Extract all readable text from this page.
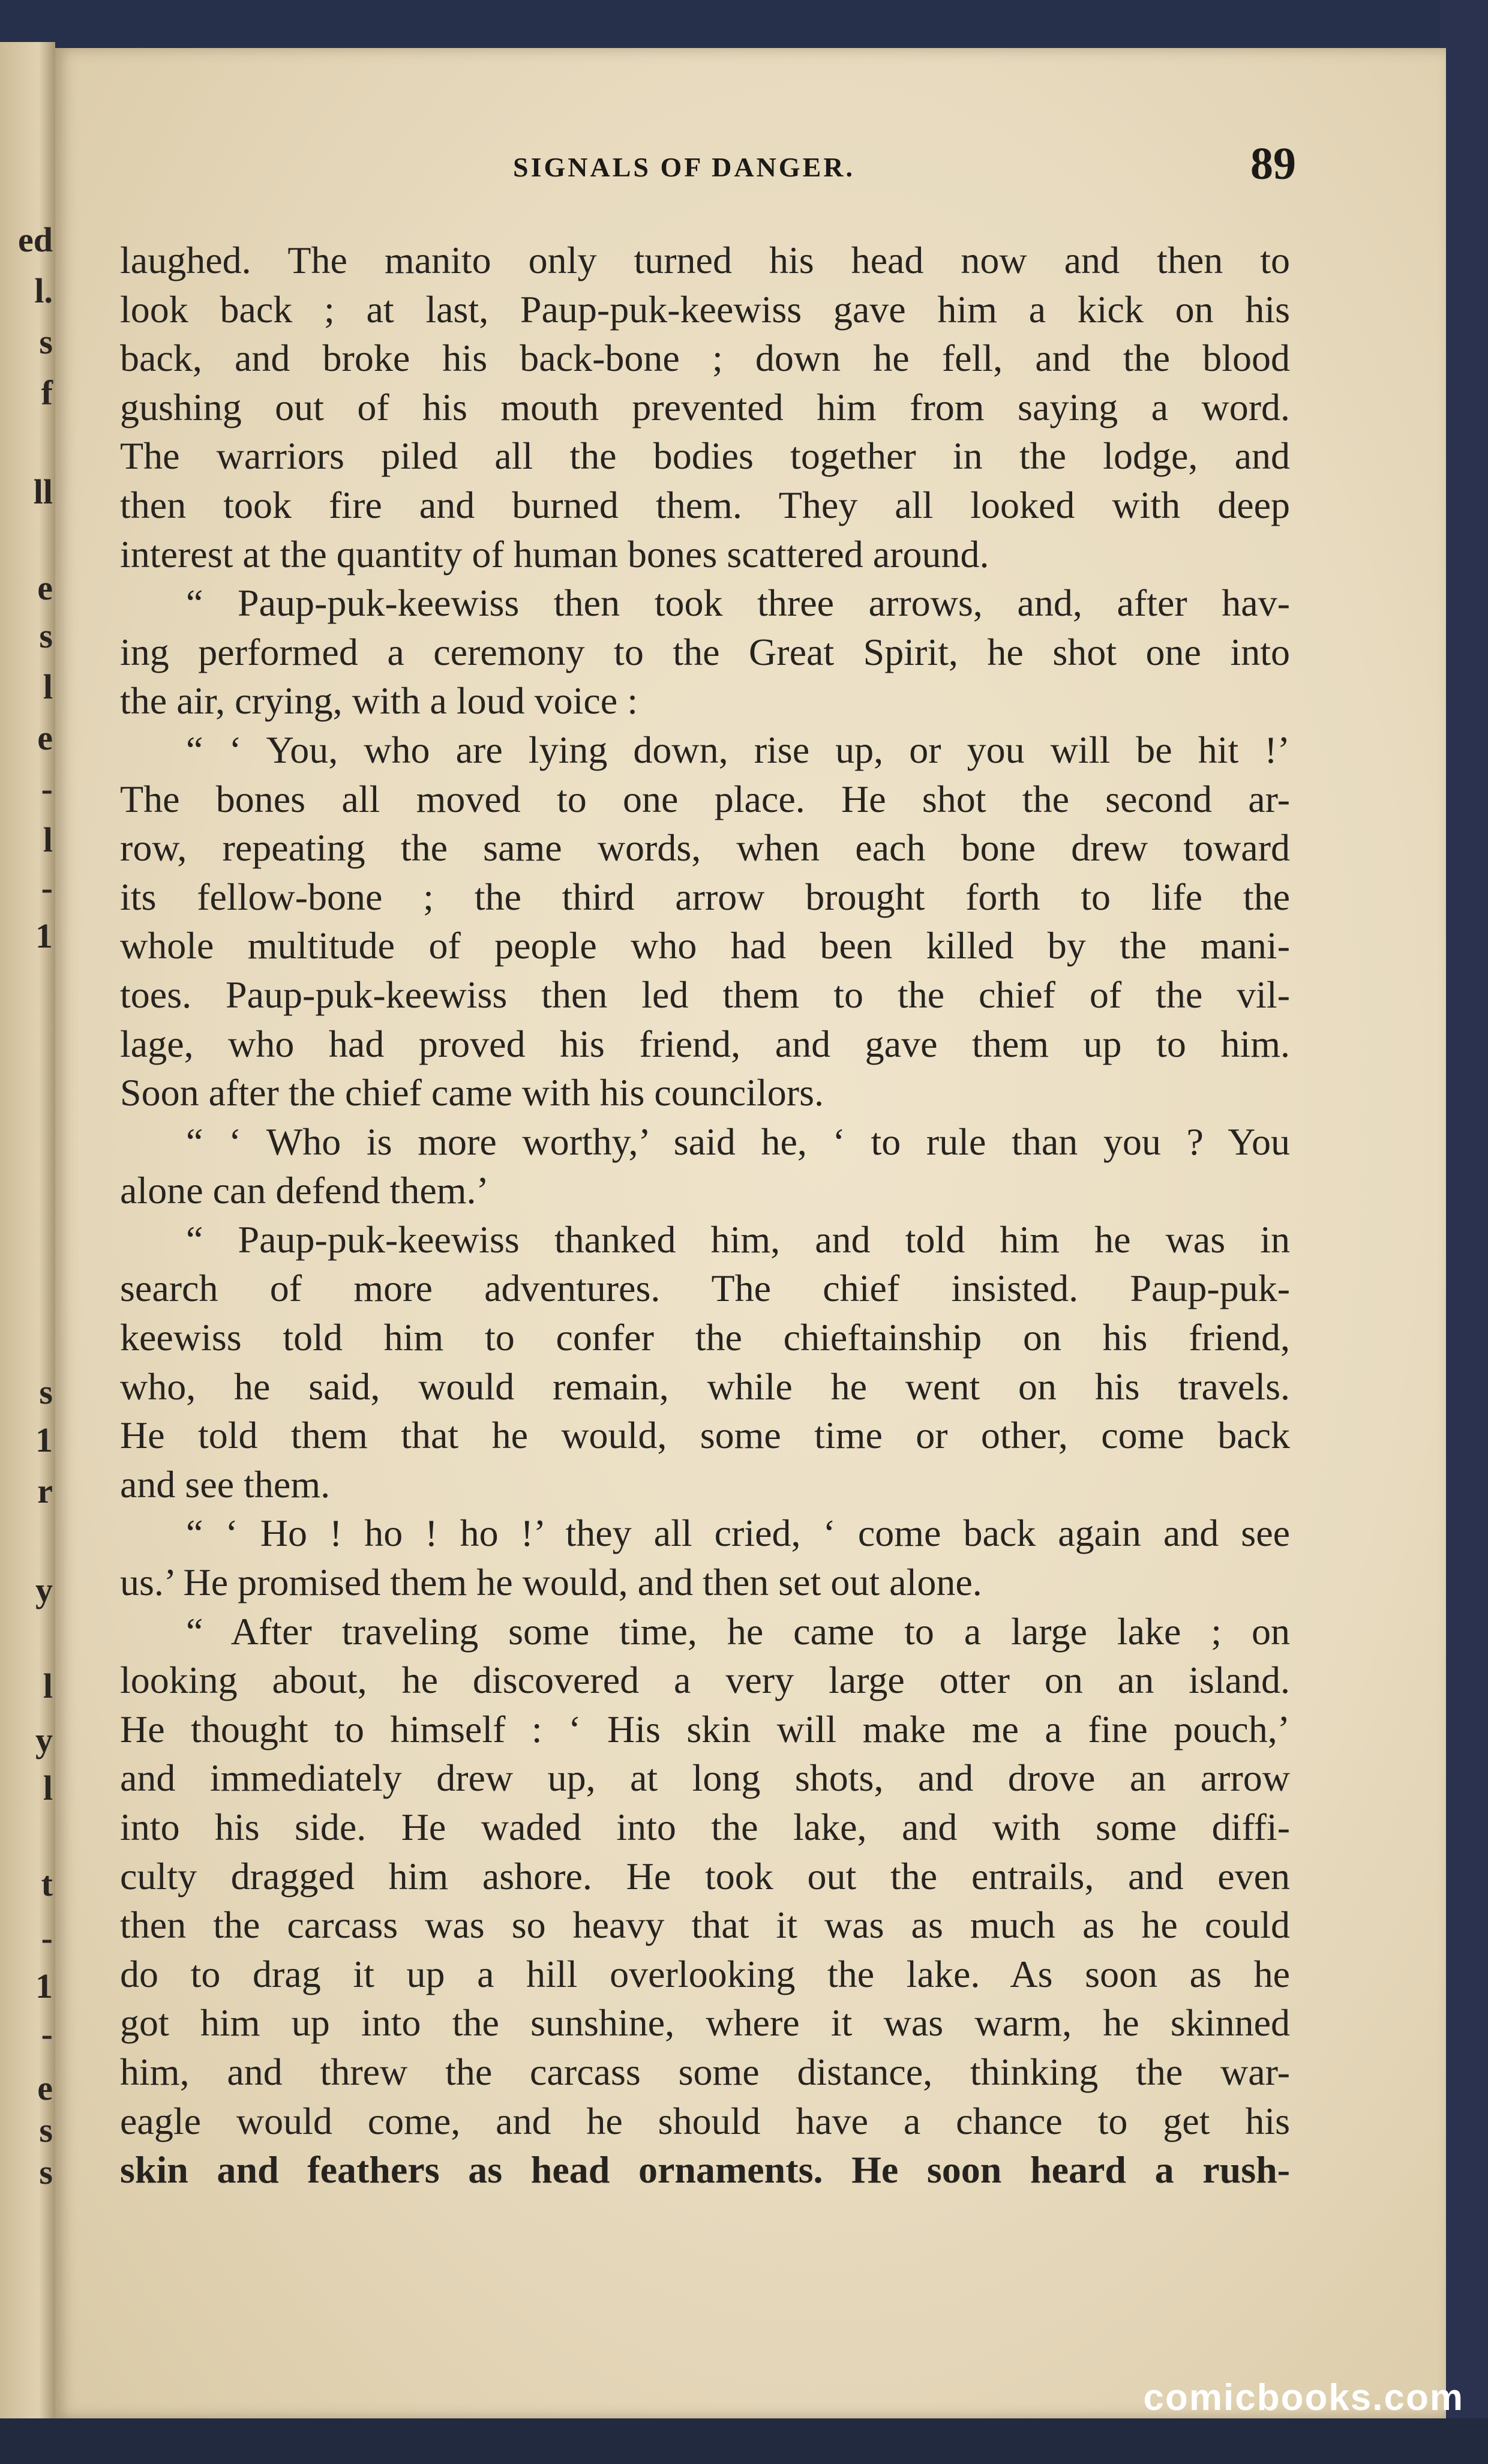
ed
l.
s
f
ll
e
s
l
e
-
l
-
1
s
1
r
y
l
y
l
t
-
1
-
e
s
s
SIGNALS OF DANGER.	89
laughed. The manito only turned his head now and then to
look back ; at last, Paup-puk-keewiss gave him a kick on his
back, and broke his back-bone ; down he fell, and the blood
gushing out of his mouth prevented him from saying a word.
The warriors piled all the bodies together in the lodge, and
then took fire and burned them. They all looked with deep
interest at the quantity of human bones scattered around.
“ Paup-puk-keewiss then took three arrows, and, after hav-
ing performed a ceremony to the Great Spirit, he shot one into
the air, crying, with a loud voice :
“ ‘ You, who are lying down, rise up, or you will be hit !’
The bones all moved to one place. He shot the second ar-
row, repeating the same words, when each bone drew toward
its fellow-bone ; the third arrow brought forth to life the
whole multitude of people who had been killed by the mani-
toes. Paup-puk-keewiss then led them to the chief of the vil-
lage, who had proved his friend, and gave them up to him.
Soon after the chief came with his councilors.
“ ‘ Who is more worthy,’ said he, ‘ to rule than you ? You
alone can defend them.’
“ Paup-puk-keewiss thanked him, and told him he was in
search of more adventures. The chief insisted. Paup-puk-
keewiss told him to confer the chieftainship on his friend,
who, he said, would remain, while he went on his travels.
He told them that he would, some time or other, come back
and see them.
“ ‘ Ho ! ho ! ho !’ they all cried, ‘ come back again and see
us.’ He promised them he would, and then set out alone.
“ After traveling some time, he came to a large lake ; on
looking about, he discovered a very large otter on an island.
He thought to himself : ‘ His skin will make me a fine pouch,’
and immediately drew up, at long shots, and drove an arrow
into his side. He waded into the lake, and with some diffi-
culty dragged him ashore. He took out the entrails, and even
then the carcass was so heavy that it was as much as he could
do to drag it up a hill overlooking the lake. As soon as he
got him up into the sunshine, where it was warm, he skinned
him, and threw the carcass some distance, thinking the war-
eagle would come, and he should have a chance to get his
skin and feathers as head ornaments. He soon heard a rush-
comicbooks.com
